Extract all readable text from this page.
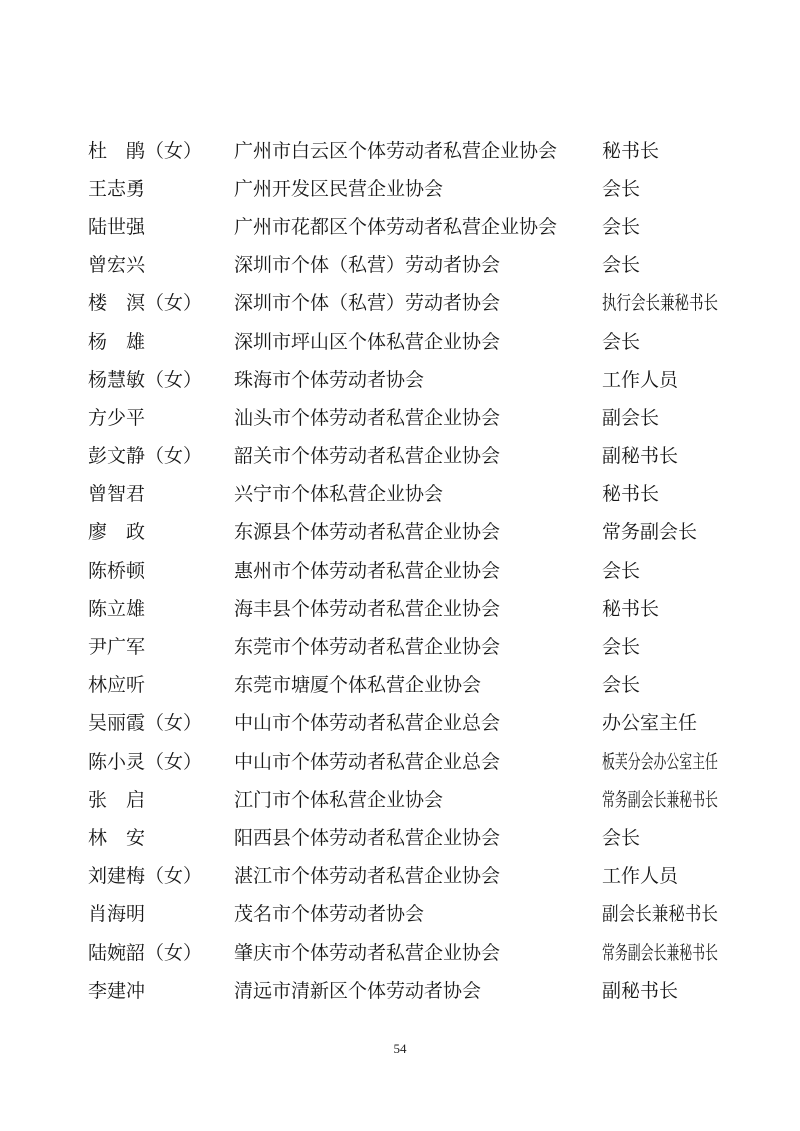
杜　鹃（女）	广州市白云区个体劳动者私营企业协会	秘书长
王志勇	广州开发区民营企业协会	会长
陆世强	广州市花都区个体劳动者私营企业协会	会长
曾宏兴	深圳市个体（私营）劳动者协会	会长
楼　溟（女）	深圳市个体（私营）劳动者协会	执行会长兼秘书长
杨　雄	深圳市坪山区个体私营企业协会	会长
杨慧敏（女）	珠海市个体劳动者协会	工作人员
方少平	汕头市个体劳动者私营企业协会	副会长
彭文静（女）	韶关市个体劳动者私营企业协会	副秘书长
曾智君	兴宁市个体私营企业协会	秘书长
廖　政	东源县个体劳动者私营企业协会	常务副会长
陈桥顿	惠州市个体劳动者私营企业协会	会长
陈立雄	海丰县个体劳动者私营企业协会	秘书长
尹广军	东莞市个体劳动者私营企业协会	会长
林应听	东莞市塘厦个体私营企业协会	会长
吴丽霞（女）	中山市个体劳动者私营企业总会	办公室主任
陈小灵（女）	中山市个体劳动者私营企业总会	板芙分会办公室主任
张　启	江门市个体私营企业协会	常务副会长兼秘书长
林　安	阳西县个体劳动者私营企业协会	会长
刘建梅（女）	湛江市个体劳动者私营企业协会	工作人员
肖海明	茂名市个体劳动者协会	副会长兼秘书长
陆婉韶（女）	肇庆市个体劳动者私营企业协会	常务副会长兼秘书长
李建冲	清远市清新区个体劳动者协会	副秘书长
54
